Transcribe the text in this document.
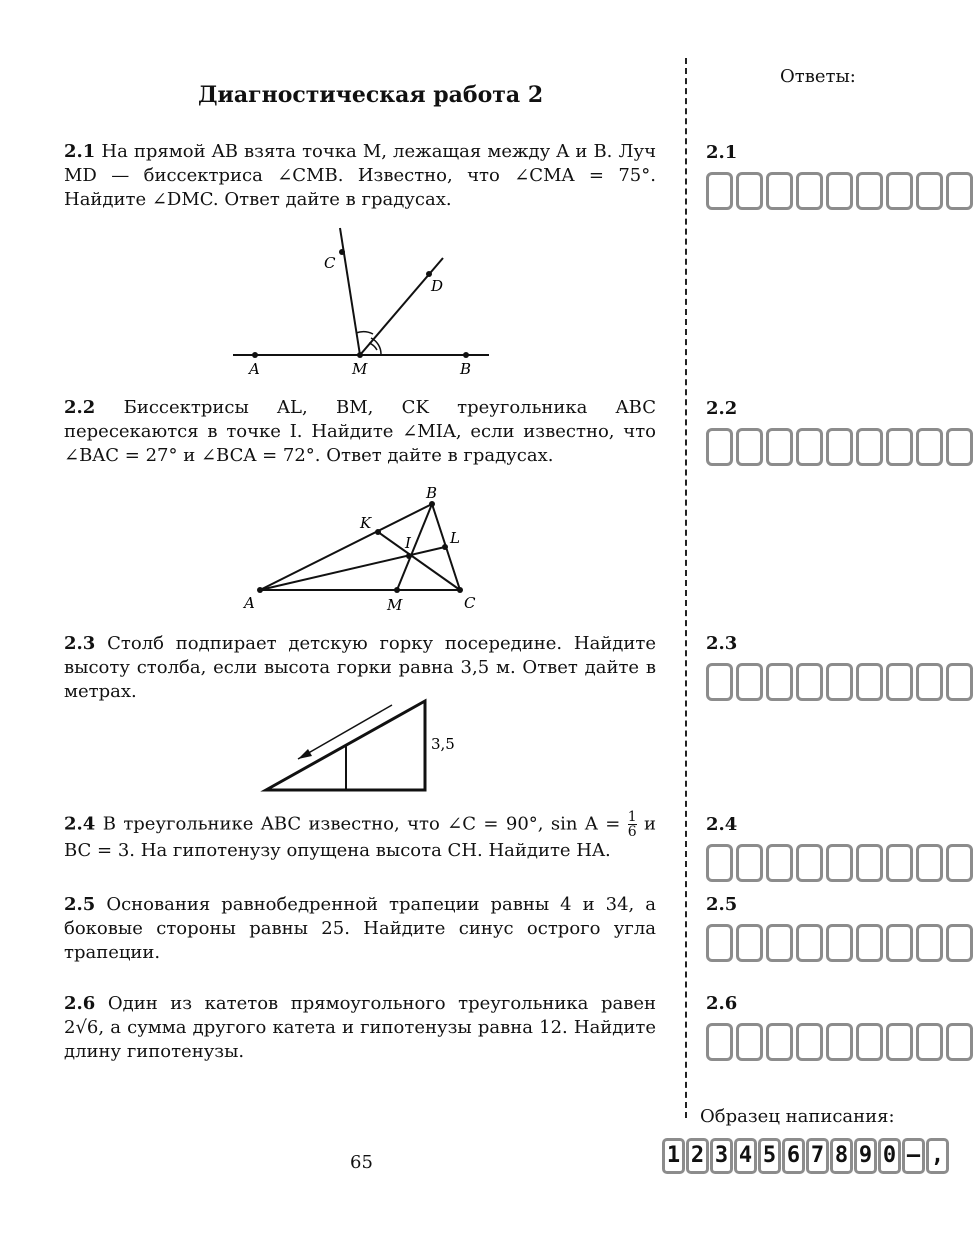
Диагностическая работа 2
Ответы:
2.1 На прямой AB взята точка M, лежащая между A и B. Луч MD — биссектриса ∠CMB. Известно, что ∠CMA = 75°. Найдите ∠DMC. Ответ дайте в градусах.
C
D
A	M	B
2.2 Биссектрисы AL, BM, CK треугольника ABC пересекаются в точке I. Найдите ∠MIA, если известно, что ∠BAC = 27° и ∠BCA = 72°. Ответ дайте в градусах.
B
K
L
I
A	M	C
2.3 Столб подпирает детскую горку посередине. Найдите высоту столба, если высота горки равна 3,5 м. Ответ дайте в метрах.
3,5
2.4 В треугольнике ABC известно, что ∠C = 90°, $\sin A = \frac{1}{6}$ и BC = 3. На гипотенузу опущена высота CH. Найдите HA.
2.5 Основания равнобедренной трапеции равны 4 и 34, а боковые стороны равны 25. Найдите синус острого угла трапеции.
2.6 Один из катетов прямоугольного треугольника равен 2√6, а сумма другого катета и гипотенузы равна 12. Найдите длину гипотенузы.
2.1
2.2
2.3
2.4
2.5
2.6
Образец написания:
1 2 3 4 5 6 7 8 9 0 – ,
65
